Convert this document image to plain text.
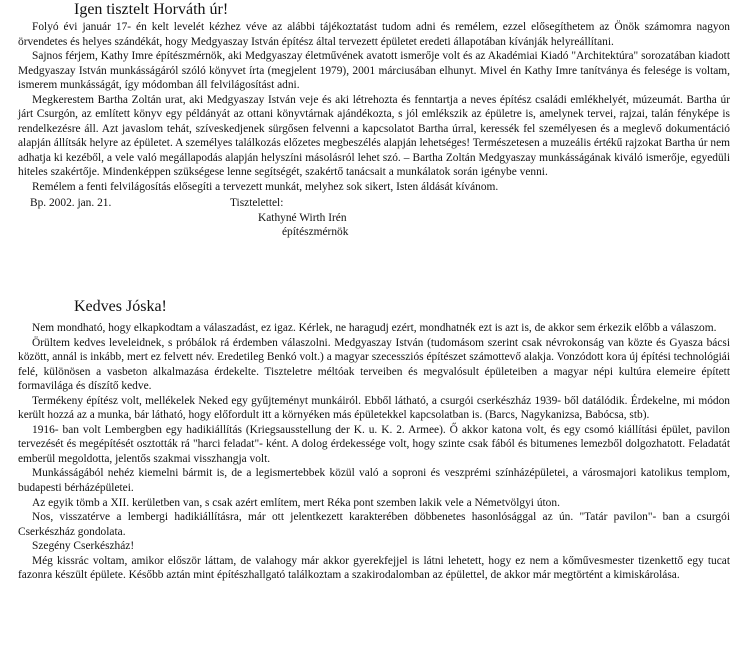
Igen tisztelt Horváth úr!

Folyó évi január 17- én kelt levelét kézhez véve az alábbi tájékoztatást tudom adni és remélem, ezzel elősegíthetem az Önök számomra nagyon örvendetes és helyes szándékát, hogy Medgyaszay István építész által tervezett épületet eredeti állapotában kívánják helyreállítani.

Sajnos férjem, Kathy Imre építészmérnök, aki Medgyaszay életművének avatott ismerője volt és az Akadémiai Kiadó "Architektúra" sorozatában kiadott Medgyaszay István munkásságáról szóló könyvet írta (megjelent 1979), 2001 márciusában elhunyt. Mivel én Kathy Imre tanítványa és felesége is voltam, ismerem munkásságát, így módomban áll felvilágosítást adni.

Megkerestem Bartha Zoltán urat, aki Medgyaszay István veje és aki létrehozta és fenntartja a neves építész családi emlékhelyét, múzeumát. Bartha úr járt Csurgón, az említett könyv egy példányát az ottani könyvtárnak ajándékozta, s jól emlékszik az épületre is, amelynek tervei, rajzai, talán fényképe is rendelkezésre áll. Azt javaslom tehát, szíveskedjenek sürgősen felvenni a kapcsolatot Bartha úrral, keressék fel személyesen és a meglevő dokumentáció alapján állítsák helyre az épületet. A személyes találkozás előzetes megbeszélés alapján lehetséges! Természetesen a muzeális értékű rajzokat Bartha úr nem adhatja ki kezéből, a vele való megállapodás alapján helyszíni másolásról lehet szó. – Bartha Zoltán Medgyaszay munkásságának kiváló ismerője, egyedüli hiteles szakértője. Mindenképpen szükségese lenne segítségét, szakértő tanácsait a munkálatok során igénybe venni.

Remélem a fenti felvilágosítás elősegíti a tervezett munkát, melyhez sok sikert, Isten áldását kívánom.

Bp. 2002. jan. 21.	Tisztelettel:
Kathyné Wirth Irén
építészmérnök
Kedves Jóska!

Nem mondható, hogy elkapkodtam a válaszadást, ez igaz. Kérlek, ne haragudj ezért, mondhatnék ezt is azt is, de akkor sem érkezik előbb a válaszom.

Örültem kedves leveleidnek, s próbálok rá érdemben válaszolni. Medgyaszay István (tudomásom szerint csak névrokonság van közte és Gyasza bácsi között, annál is inkább, mert ez felvett név. Eredetileg Benkó volt.) a magyar szecessziós építészet számottevő alakja. Vonzódott kora új építési technológiái felé, különösen a vasbeton alkalmazása érdekelte. Tiszteletre méltóak terveiben és megvalósult épületeiben a magyar népi kultúra elemeire épített formavilága és díszítő kedve.

Termékeny építész volt, mellékelek Neked egy gyűjteményt munkáiról. Ebből látható, a csurgói cserkészház 1939- ből datálódik. Érdekelne, mi módon került hozzá az a munka, bár látható, hogy előfordult itt a környéken más épületekkel kapcsolatban is. (Barcs, Nagykanizsa, Babócsa, stb).

1916- ban volt Lembergben egy hadikiállítás (Kriegsausstellung der K. u. K. 2. Armee). Ő akkor katona volt, és egy csomó kiállítási épület, pavilon tervezését és megépítését osztották rá "harci feladat"- ként. A dolog érdekessége volt, hogy szinte csak fából és bitumenes lemezből dolgozhatott. Feladatát emberül megoldotta, jelentős szakmai visszhangja volt.

Munkásságából nehéz kiemelni bármit is, de a legismertebbek közül való a soproni és veszprémi színházépületei, a városmajori katolikus templom, budapesti bérházépületei.

Az egyik tömb a XII. kerületben van, s csak azért említem, mert Réka pont szemben lakik vele a Németvölgyi úton.

Nos, visszatérve a lembergi hadikiállításra, már ott jelentkezett karakterében döbbenetes hasonlósággal az ún. "Tatár pavilon"- ban a csurgói Cserkészház gondolata.

Szegény Cserkészház!

Még kissrác voltam, amikor először láttam, de valahogy már akkor gyerekfejjel is látni lehetett, hogy ez nem a kőművesmester tizenkettő egy tucat fazonra készült épülete. Később aztán mint építészhallgató találkoztam a szakirodalomban az épülettel, de akkor már megtörtént a kimiskárolása.
